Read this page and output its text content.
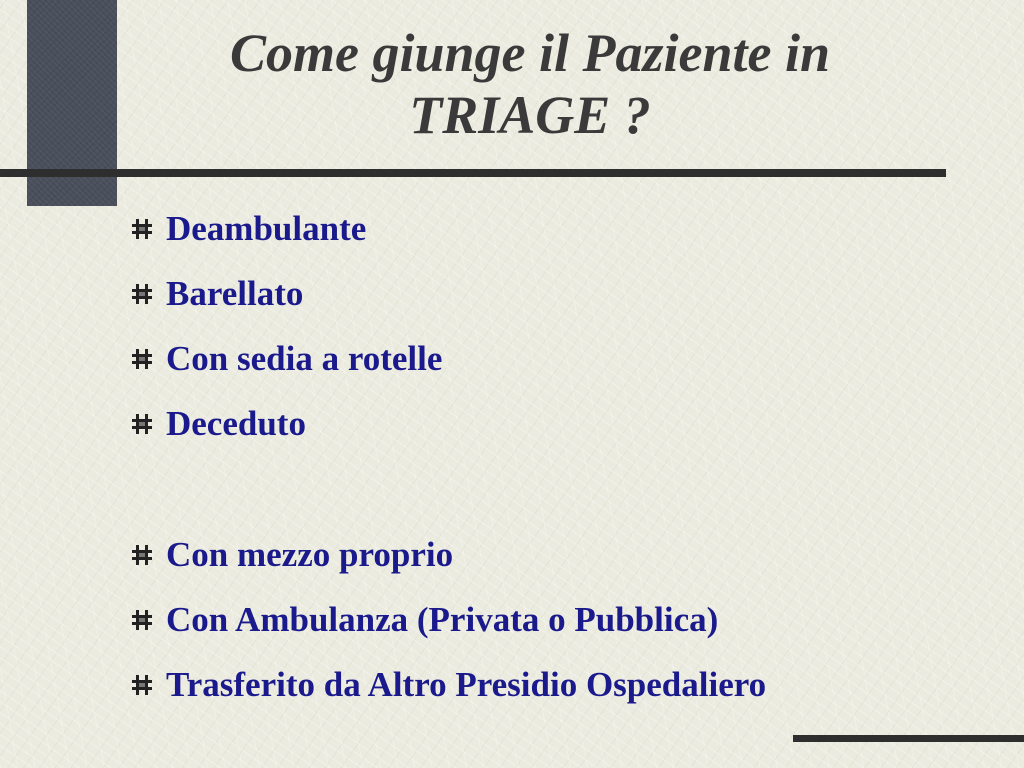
Come giunge il Paziente in
TRIAGE ?
Deambulante
Barellato
Con sedia a rotelle
Deceduto
Con mezzo proprio
Con Ambulanza (Privata o Pubblica)
Trasferito da Altro Presidio Ospedaliero
